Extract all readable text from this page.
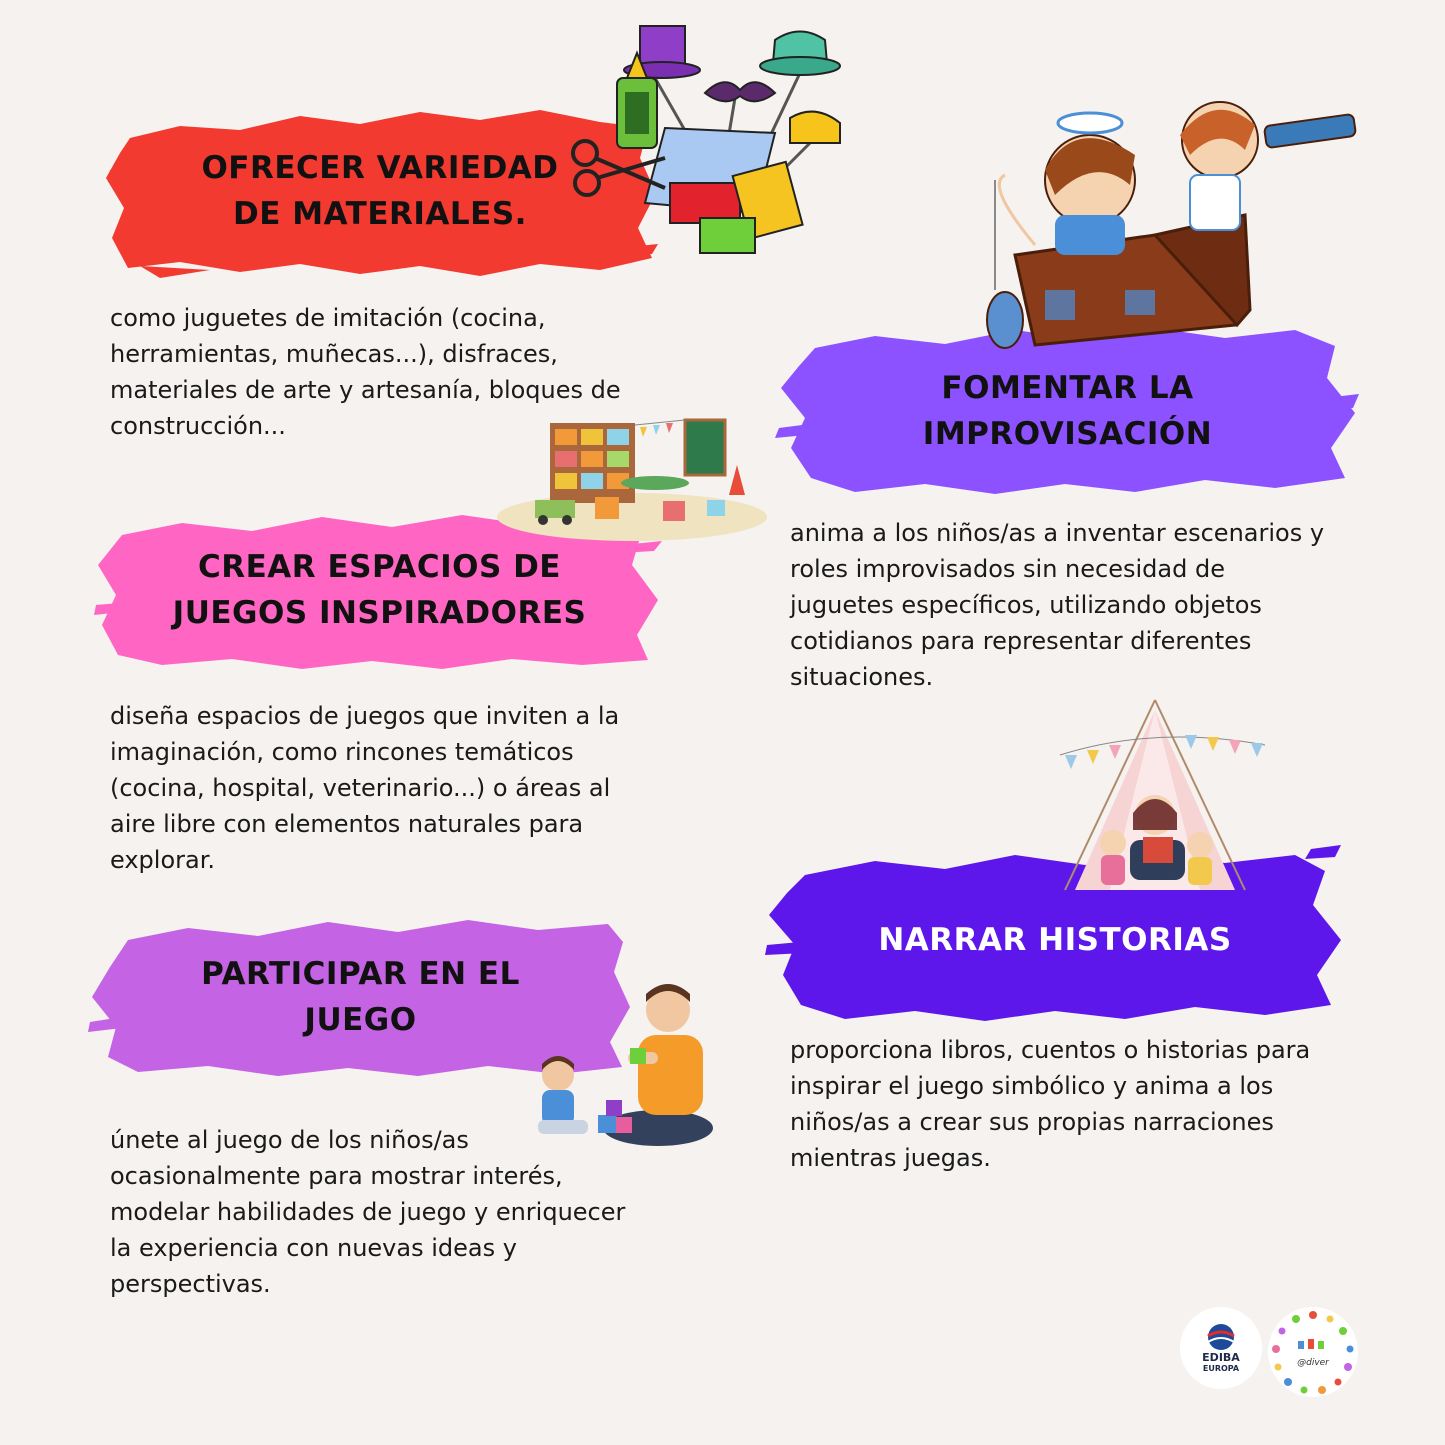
OFRECER VARIEDAD
DE MATERIALES.
como juguetes de imitación (cocina, herramientas, muñecas...), disfraces, materiales de arte y artesanía, bloques de construcción...
CREAR ESPACIOS DE
JUEGOS INSPIRADORES
diseña espacios de juegos que inviten a la imaginación, como rincones temáticos (cocina, hospital, veterinario...) o áreas al aire libre con elementos naturales para explorar.
PARTICIPAR EN EL
JUEGO
únete al juego de los niños/as ocasionalmente para mostrar interés, modelar habilidades de juego y enriquecer la experiencia con nuevas ideas y perspectivas.
FOMENTAR LA
IMPROVISACIÓN
anima a los niños/as a inventar escenarios y roles improvisados sin necesidad de juguetes específicos, utilizando objetos cotidianos para representar diferentes situaciones.
NARRAR HISTORIAS
proporciona libros, cuentos o historias para inspirar el juego simbólico y anima a los niños/as a crear sus propias narraciones mientras juegas.
EDIBA
EUROPA
@diver
